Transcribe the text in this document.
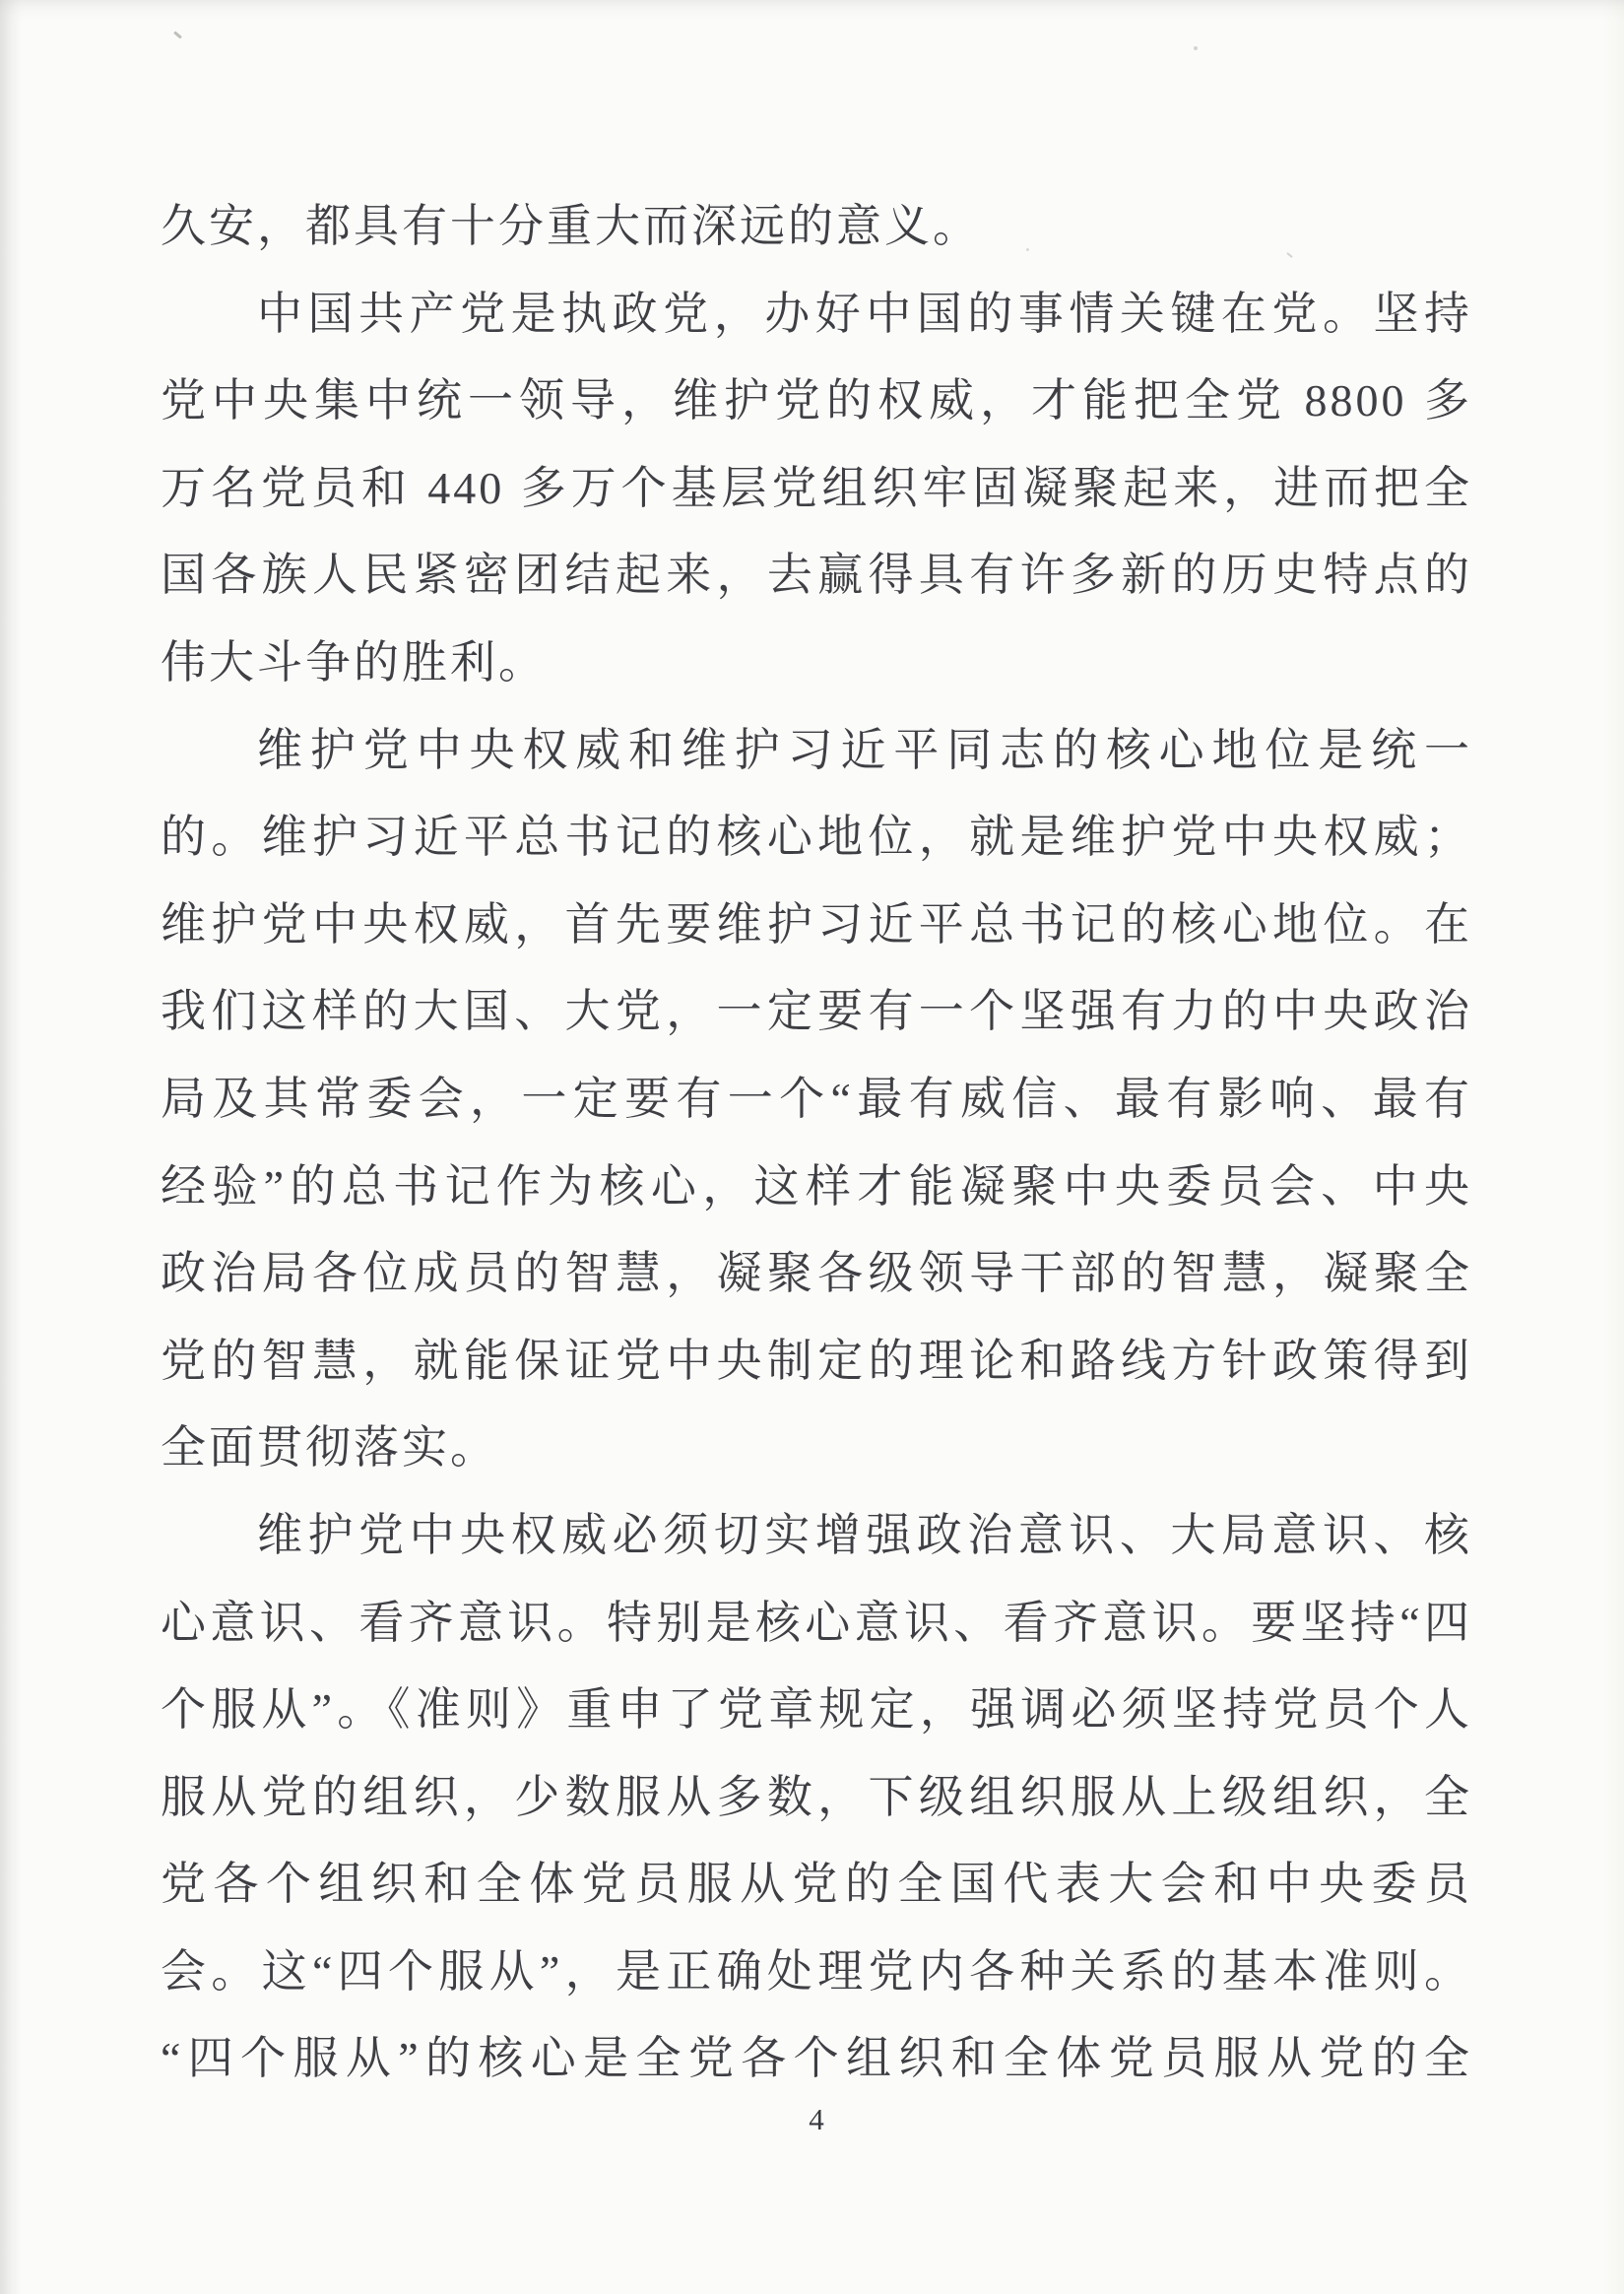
久安，都具有十分重大而深远的意义。
中国共产党是执政党，办好中国的事情关键在党。坚持
党中央集中统一领导，维护党的权威，才能把全党 8800 多
万名党员和 440 多万个基层党组织牢固凝聚起来，进而把全
国各族人民紧密团结起来，去赢得具有许多新的历史特点的
伟大斗争的胜利。
维护党中央权威和维护习近平同志的核心地位是统一
的。维护习近平总书记的核心地位，就是维护党中央权威；
维护党中央权威，首先要维护习近平总书记的核心地位。在
我们这样的大国、大党，一定要有一个坚强有力的中央政治
局及其常委会，一定要有一个“最有威信、最有影响、最有
经验”的总书记作为核心，这样才能凝聚中央委员会、中央
政治局各位成员的智慧，凝聚各级领导干部的智慧，凝聚全
党的智慧，就能保证党中央制定的理论和路线方针政策得到
全面贯彻落实。
维护党中央权威必须切实增强政治意识、大局意识、核
心意识、看齐意识。特别是核心意识、看齐意识。要坚持“四
个服从”。《准则》重申了党章规定，强调必须坚持党员个人
服从党的组织，少数服从多数，下级组织服从上级组织，全
党各个组织和全体党员服从党的全国代表大会和中央委员
会。这“四个服从”，是正确处理党内各种关系的基本准则。
“四个服从”的核心是全党各个组织和全体党员服从党的全
4
